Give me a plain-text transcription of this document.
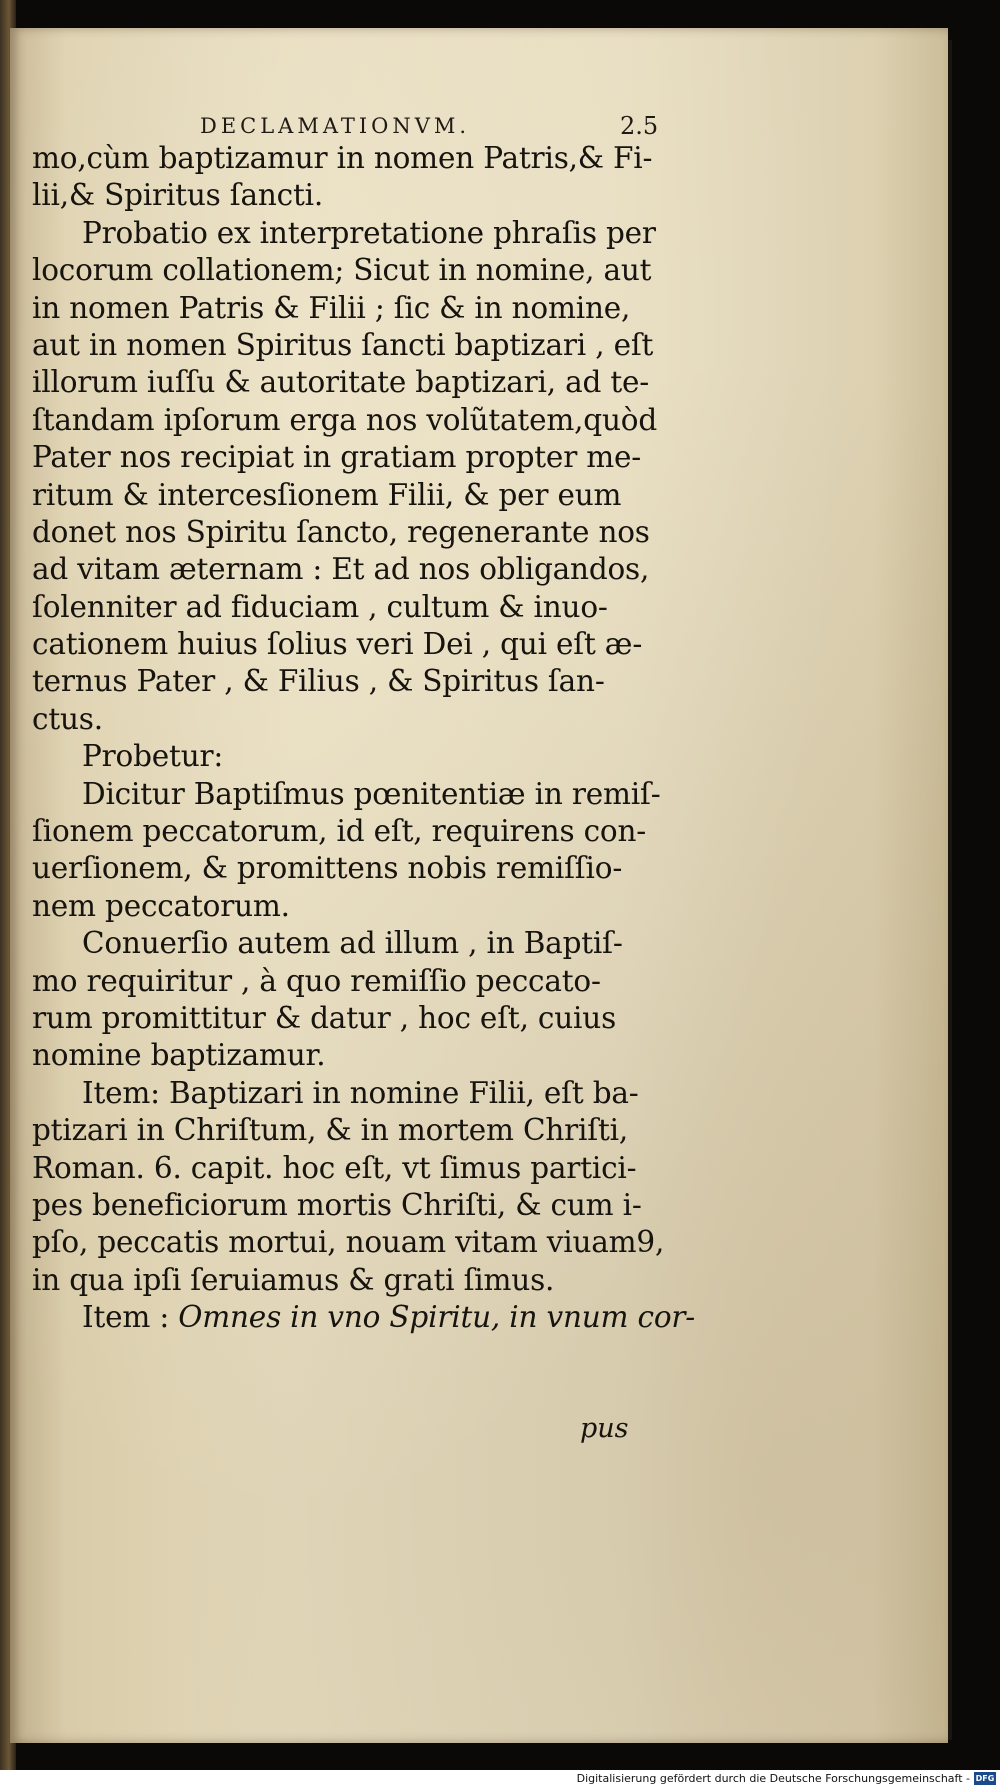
DECLAMATIONVM.	2.5
mo,cùm baptizamur in nomen Patris,& Fi-
lii,& Spiritus ſancti.
Probatio ex interpretatione phraſis per
locorum collationem; Sicut in nomine, aut
in nomen Patris & Filii ; ſic & in nomine,
aut in nomen Spiritus ſancti baptizari , eſt
illorum iuſſu & autoritate baptizari, ad te-
ſtandam ipſorum erga nos volũtatem,quòd
Pater nos recipiat in gratiam propter me-
ritum & intercesſionem Filii, & per eum
donet nos Spiritu ſancto, regenerante nos
ad vitam æternam : Et ad nos obligandos,
ſolenniter ad fiduciam , cultum & inuo-
cationem huius ſolius veri Dei , qui eſt æ-
ternus Pater , & Filius , & Spiritus ſan-
ctus.
Probetur:
Dicitur Baptiſmus pœnitentiæ in remiſ-
ſionem peccatorum, id eſt, requirens con-
uerſionem, & promittens nobis remiſſio-
nem peccatorum.
Conuerſio autem ad illum , in Baptiſ-
mo requiritur , à quo remiſſio peccato-
rum promittitur & datur , hoc eſt, cuius
nomine baptizamur.
Item: Baptizari in nomine Filii, eſt ba-
ptizari in Chriſtum, & in mortem Chriſti,
Roman. 6. capit. hoc eſt, vt ſimus partici-
pes beneficiorum mortis Chriſti, & cum i-
pſo, peccatis mortui, nouam vitam viuam9,
in qua ipſi ſeruiamus & grati ſimus.
Item : Omnes in vno Spiritu, in vnum cor-
pus
Digitalisierung gefördert durch die Deutsche Forschungsgemeinschaft - DFG
